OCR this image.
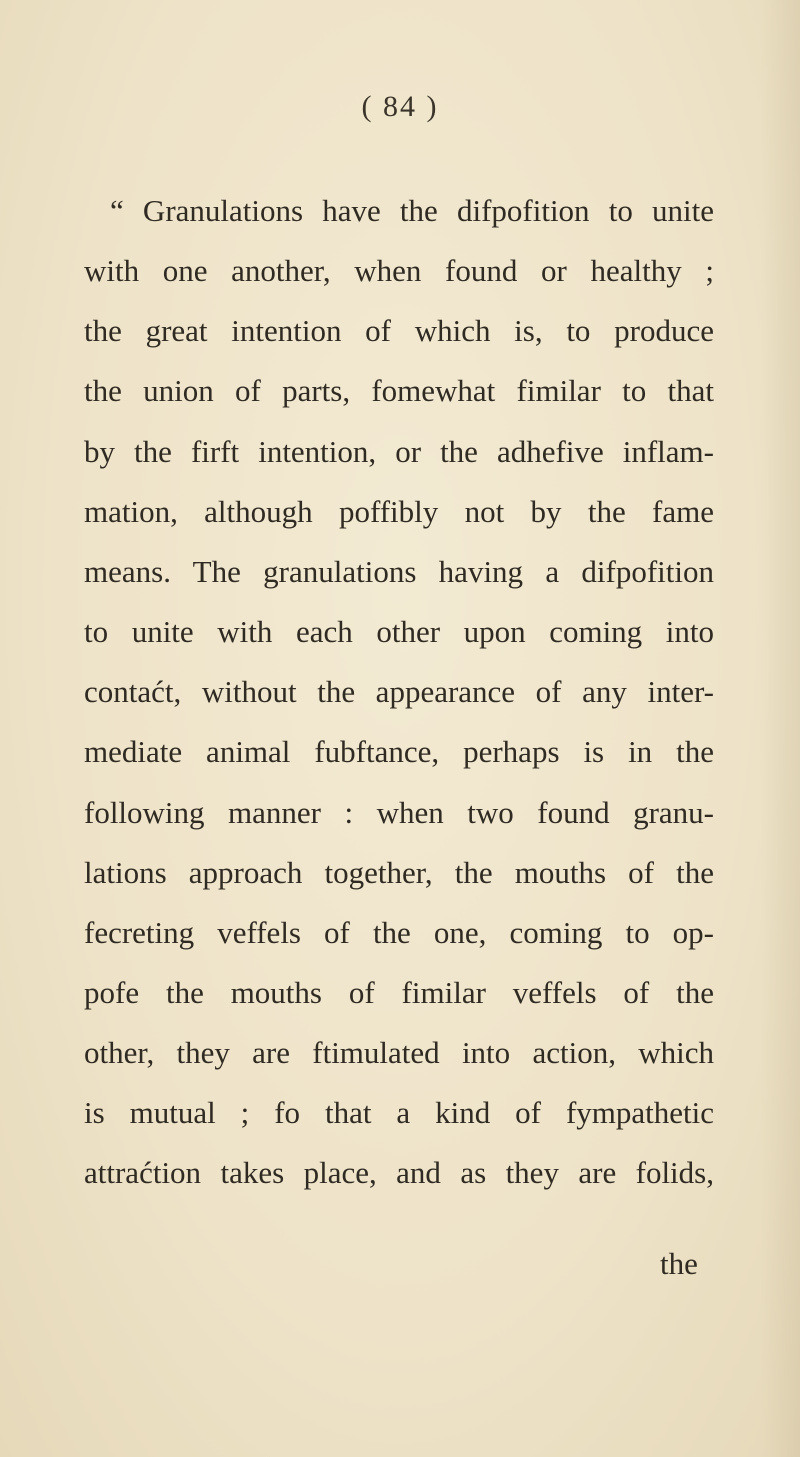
( 84 )
“ Granulations have the difpofition to unite
with one another, when found or healthy ;
the great intention of which is, to produce
the union of parts, fomewhat fimilar to that
by the firft intention, or the adhefive inflam-
mation, although poffibly not by the fame
means. The granulations having a difpofition
to unite with each other upon coming into
contaćt, without the appearance of any inter-
mediate animal fubftance, perhaps is in the
following manner : when two found granu-
lations approach together, the mouths of the
fecreting veffels of the one, coming to op-
pofe the mouths of fimilar veffels of the
other, they are ftimulated into action, which
is mutual ; fo that a kind of fympathetic
attraćtion takes place, and as they are folids,
the
